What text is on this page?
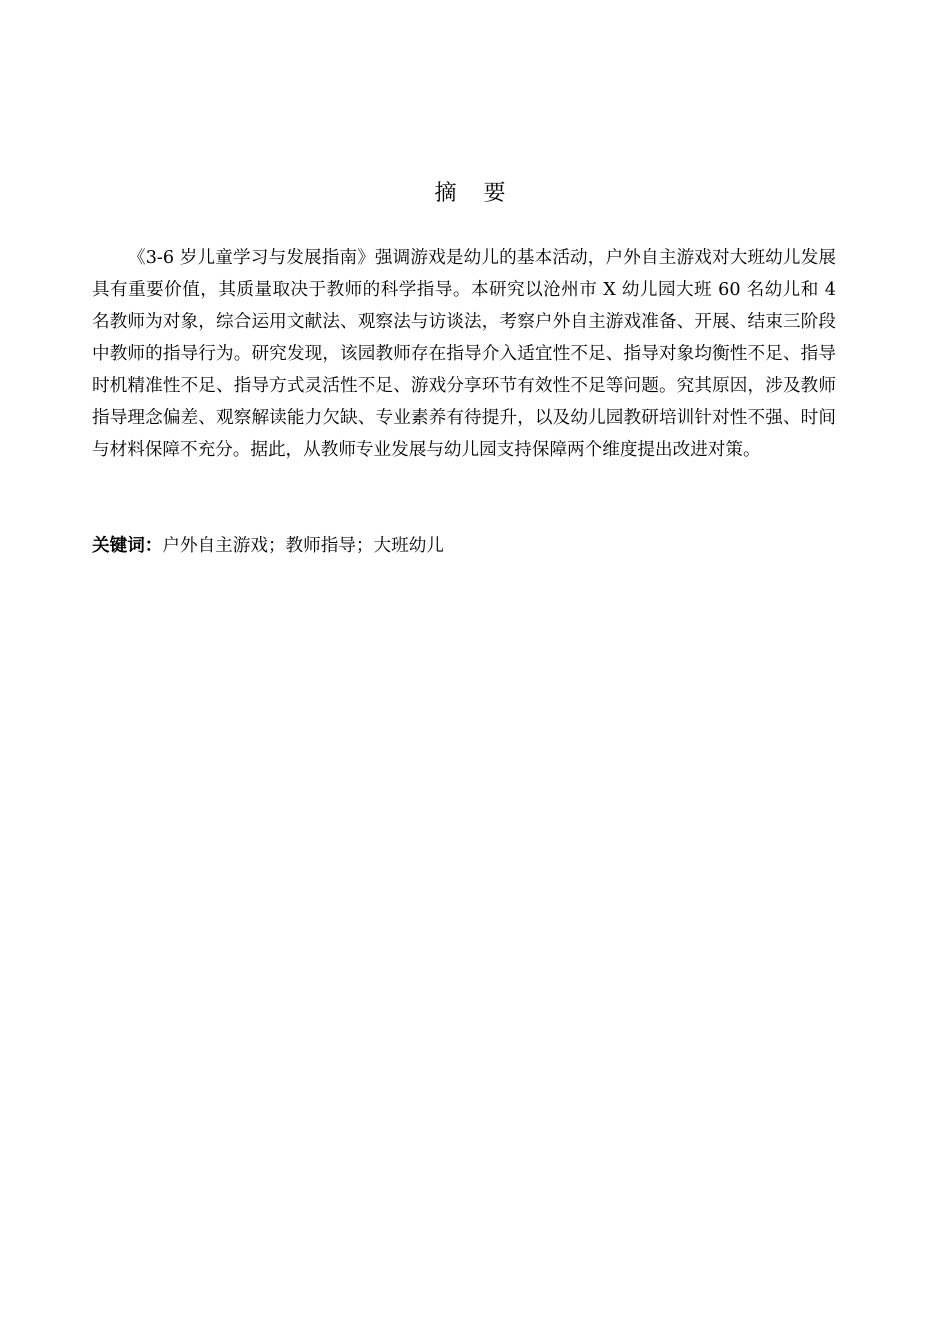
摘 要

《3-6 岁儿童学习与发展指南》强调游戏是幼儿的基本活动，户外自主游戏对大班幼儿发展具有重要价值，其质量取决于教师的科学指导。本研究以沧州市 X 幼儿园大班 60 名幼儿和 4 名教师为对象，综合运用文献法、观察法与访谈法，考察户外自主游戏准备、开展、结束三阶段中教师的指导行为。研究发现，该园教师存在指导介入适宜性不足、指导对象均衡性不足、指导时机精准性不足、指导方式灵活性不足、游戏分享环节有效性不足等问题。究其原因，涉及教师指导理念偏差、观察解读能力欠缺、专业素养有待提升，以及幼儿园教研培训针对性不强、时间与材料保障不充分。据此，从教师专业发展与幼儿园支持保障两个维度提出改进对策。

关键词：户外自主游戏；教师指导；大班幼儿
